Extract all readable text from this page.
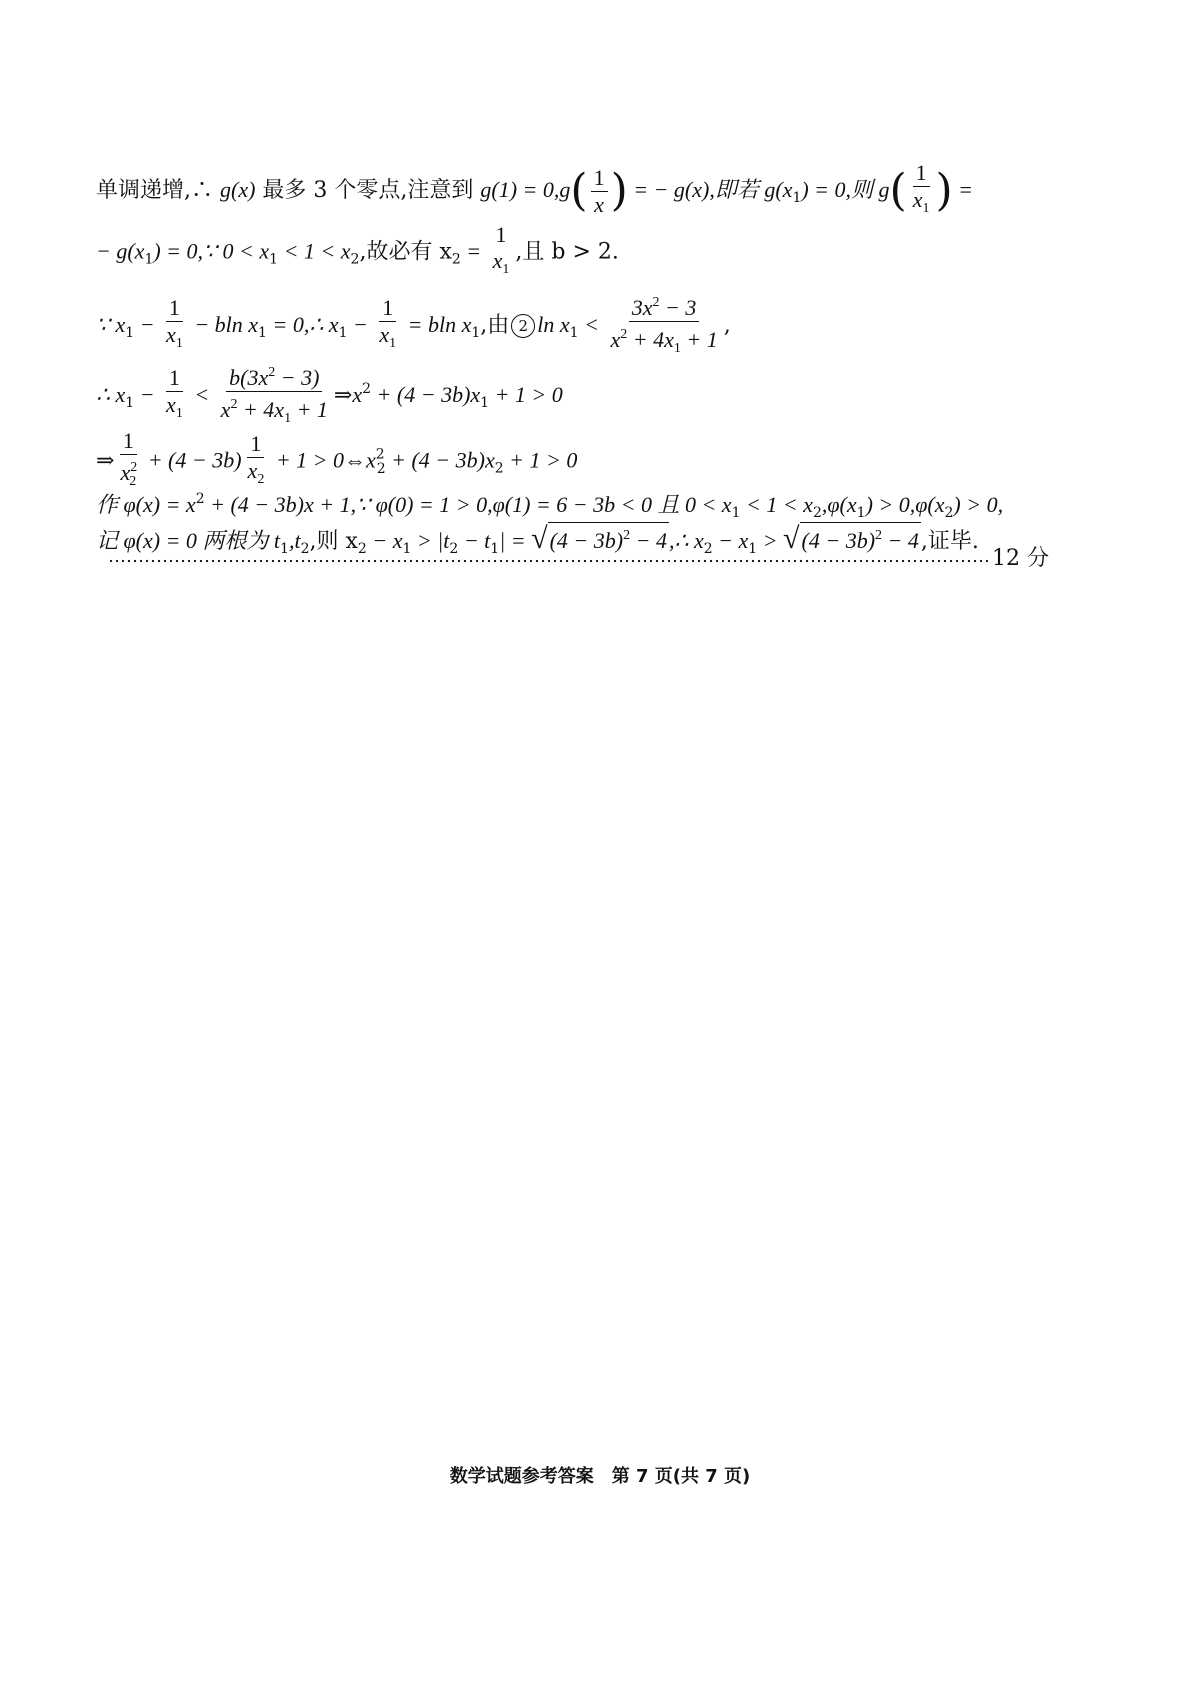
单调递增,∴ g(x) 最多 3 个零点,注意到 $g(1) = 0,g( \frac{1}{x}$ ) = − g(x),即若 $g(x_1) = 0$,则 $g( \frac{1}{x_1}$ ) =
− $g(x_1)$ = 0,∵ $0 < x_1 < 1 < x_2$,故必有 $x_2$ =
1
$x_1$
,且 b > 2.
∵ $x_1 - \frac{1}{x_1} - bln$ $x_1$ = 0,∴ $x_1 - \frac{1}{x_1} = bln$ $x_1$,由 2 $\ln x_1 < \frac{3x^2 - 3}{x^2 + 4x_1 + 1}$ ,
∴ $x_1 - \frac{1}{x_1} < \frac{b(3x^2 - 3)}{x^2 + 4x_1 + 1}$ $\Rightarrow x^2 + (4 - 3b)x_1 + 1 > 0$
⇒ $\frac{1}{x^2_2} + (4 - 3b) \frac{1}{x_2} + 1$ > $0\Leftrightarrow x^2_2 + (4 - 3b)x_2 + 1 > 0$
作 $\varphi(x) = x^2 + (4 - 3b)x$ + 1,∵ φ(0) = 1 > 0,φ(1) = 6 − 3b < 0 且 $0 < x_1 < 1 < x_2,\varphi(x_1) > 0,\varphi(x_2) > 0$,
记 φ(x) = 0 两根为 $t_1,t_2$,则 $x_2 - x_1 > |t_2 - t_1|$ = √ $(4 - 3b)^2 - 4$ ,∴ $x_2 - x_1$ > √ $(4 - 3b)^2 - 4$ ,证毕.
12 分
数学试题参考答案　第 7 页(共 7 页)
